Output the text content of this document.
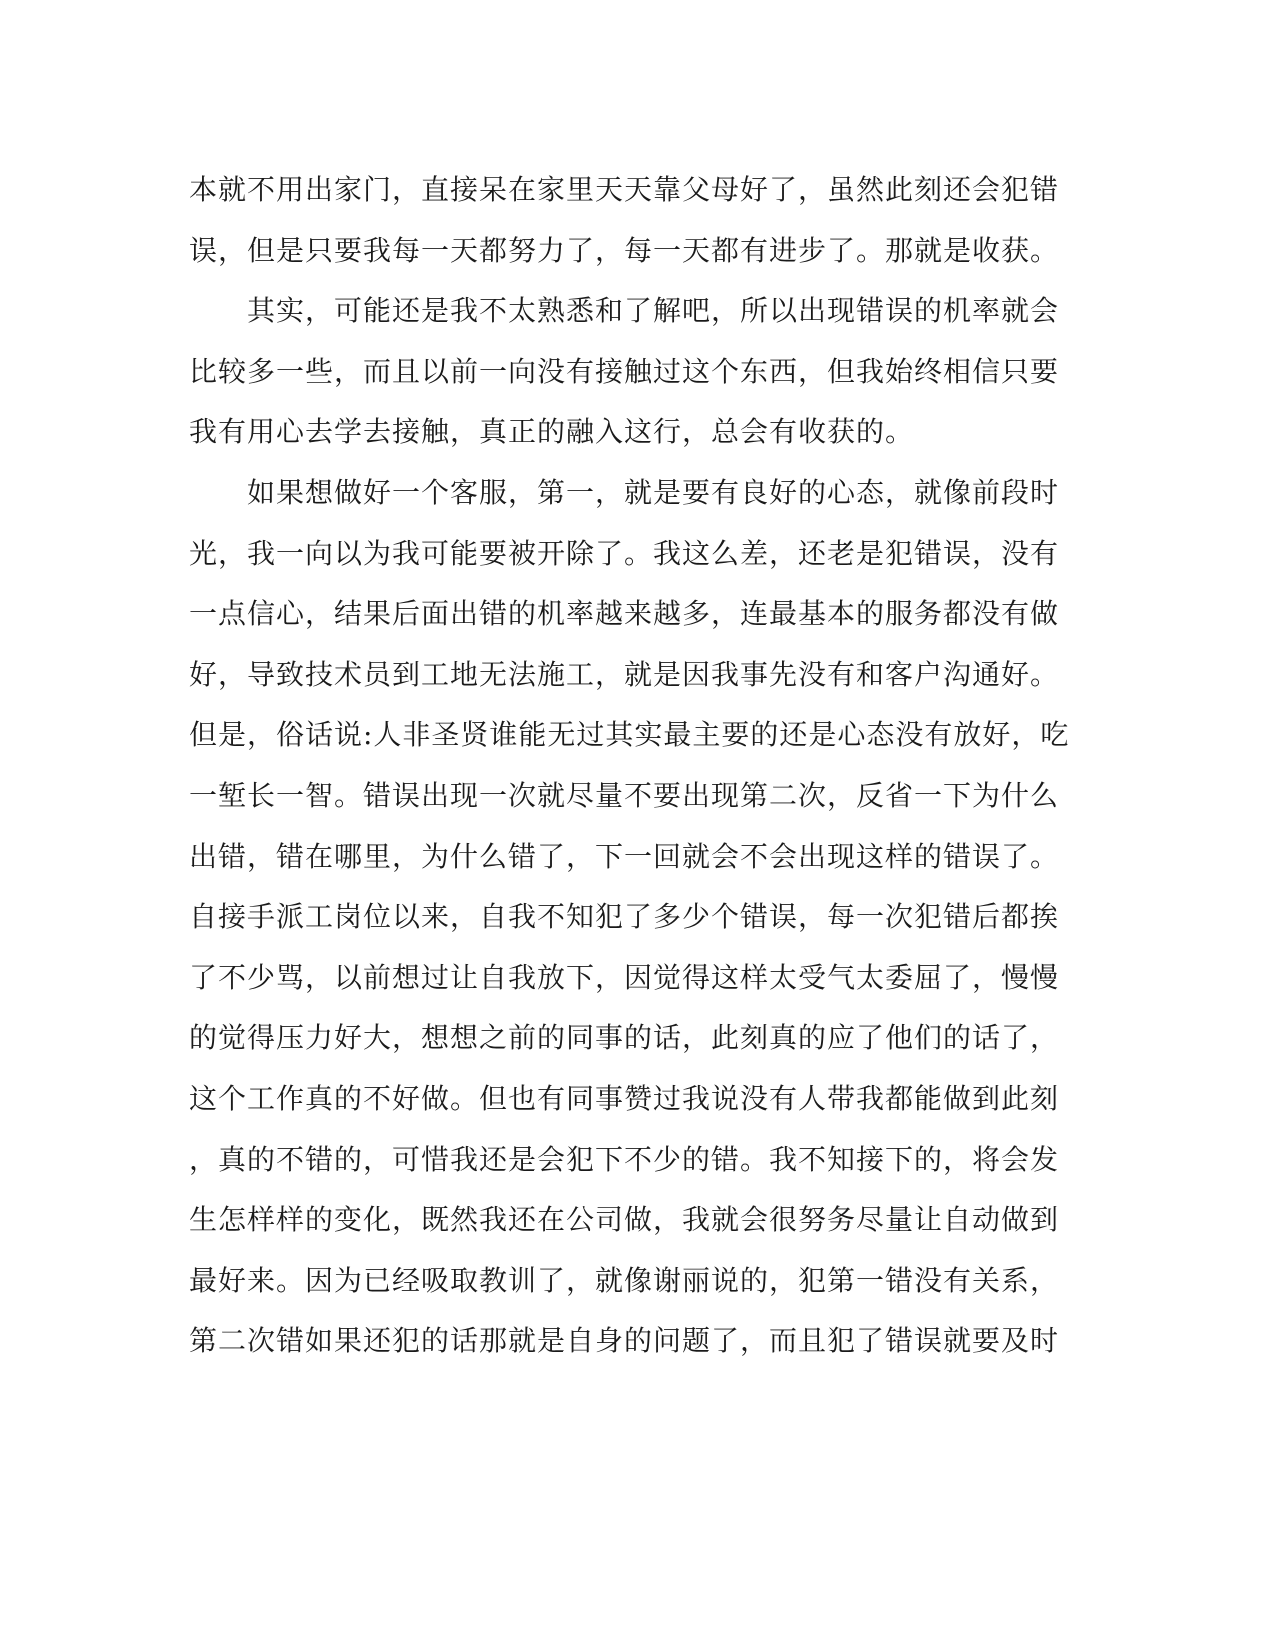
本就不用出家门，直接呆在家里天天靠父母好了，虽然此刻还会犯错
误，但是只要我每一天都努力了，每一天都有进步了。那就是收获。
　　其实，可能还是我不太熟悉和了解吧，所以出现错误的机率就会
比较多一些，而且以前一向没有接触过这个东西，但我始终相信只要
我有用心去学去接触，真正的融入这行，总会有收获的。
　　如果想做好一个客服，第一，就是要有良好的心态，就像前段时
光，我一向以为我可能要被开除了。我这么差，还老是犯错误，没有
一点信心，结果后面出错的机率越来越多，连最基本的服务都没有做
好，导致技术员到工地无法施工，就是因我事先没有和客户沟通好。
但是，俗话说:人非圣贤谁能无过其实最主要的还是心态没有放好，吃
一堑长一智。错误出现一次就尽量不要出现第二次，反省一下为什么
出错，错在哪里，为什么错了，下一回就会不会出现这样的错误了。
自接手派工岗位以来，自我不知犯了多少个错误，每一次犯错后都挨
了不少骂，以前想过让自我放下，因觉得这样太受气太委屈了，慢慢
的觉得压力好大，想想之前的同事的话，此刻真的应了他们的话了，
这个工作真的不好做。但也有同事赞过我说没有人带我都能做到此刻
，真的不错的，可惜我还是会犯下不少的错。我不知接下的，将会发
生怎样样的变化，既然我还在公司做，我就会很努务尽量让自动做到
最好来。因为已经吸取教训了，就像谢丽说的，犯第一错没有关系，
第二次错如果还犯的话那就是自身的问题了，而且犯了错误就要及时
